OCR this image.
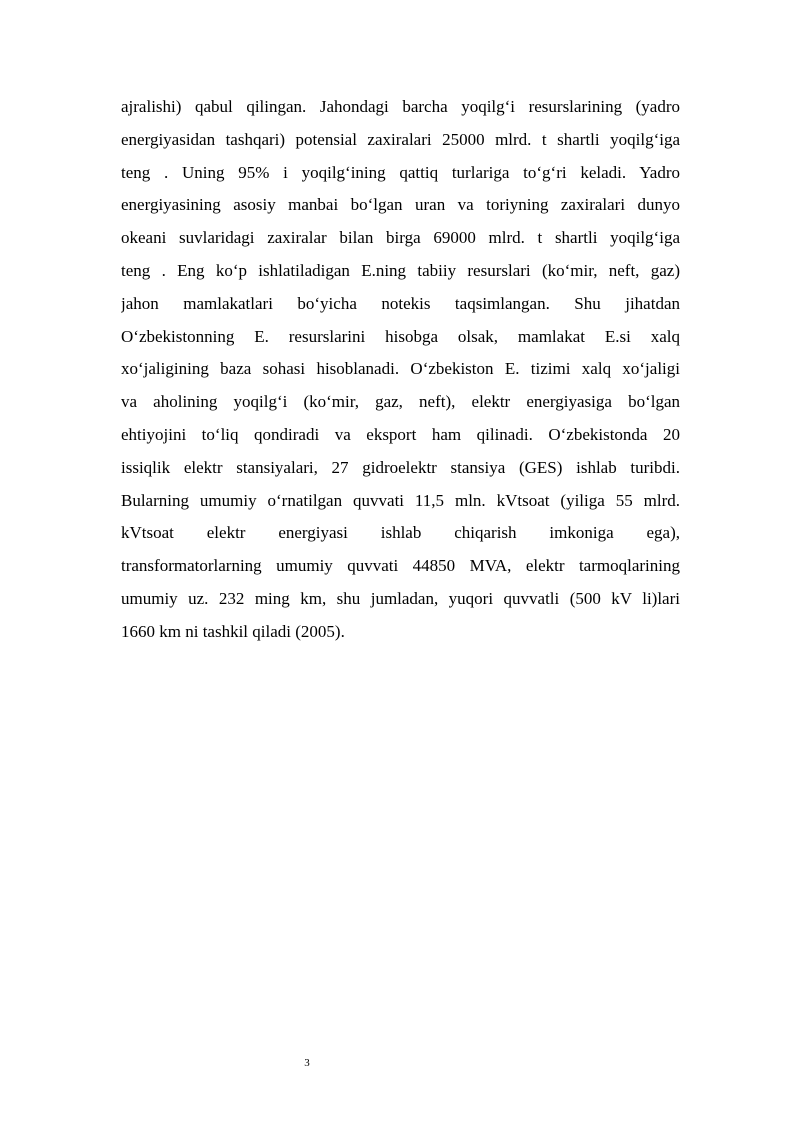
ajralishi) qabul qilingan. Jahondagi barcha yoqilg‘i resurslarining (yadro
energiyasidan tashqari) potensial zaxiralari 25000 mlrd. t shartli yoqilg‘iga
teng . Uning 95% i yoqilg‘ining qattiq turlariga to‘g‘ri keladi. Yadro
energiyasining asosiy manbai bo‘lgan uran va toriyning zaxiralari dunyo
okeani suvlaridagi zaxiralar bilan birga 69000 mlrd. t shartli yoqilg‘iga
teng . Eng ko‘p ishlatiladigan E.ning tabiiy resurslari (ko‘mir, neft, gaz)
jahon mamlakatlari bo‘yicha notekis taqsimlangan. Shu jihatdan
O‘zbekistonning E. resurslarini hisobga olsak, mamlakat E.si xalq
xo‘jaligining baza sohasi hisoblanadi. O‘zbekiston E. tizimi xalq xo‘jaligi
va aholining yoqilg‘i (ko‘mir, gaz, neft), elektr energiyasiga bo‘lgan
ehtiyojini to‘liq qondiradi va eksport ham qilinadi. O‘zbekistonda 20
issiqlik elektr stansiyalari, 27 gidroelektr stansiya (GES) ishlab turibdi.
Bularning umumiy o‘rnatilgan quvvati 11,5 mln. kVtsoat (yiliga 55 mlrd.
kVtsoat elektr energiyasi ishlab chiqarish imkoniga ega),
transformatorlarning umumiy quvvati 44850 MVA, elektr tarmoqlarining
umumiy uz. 232 ming km, shu jumladan, yuqori quvvatli (500 kV li)lari
1660 km ni tashkil qiladi (2005).
3
